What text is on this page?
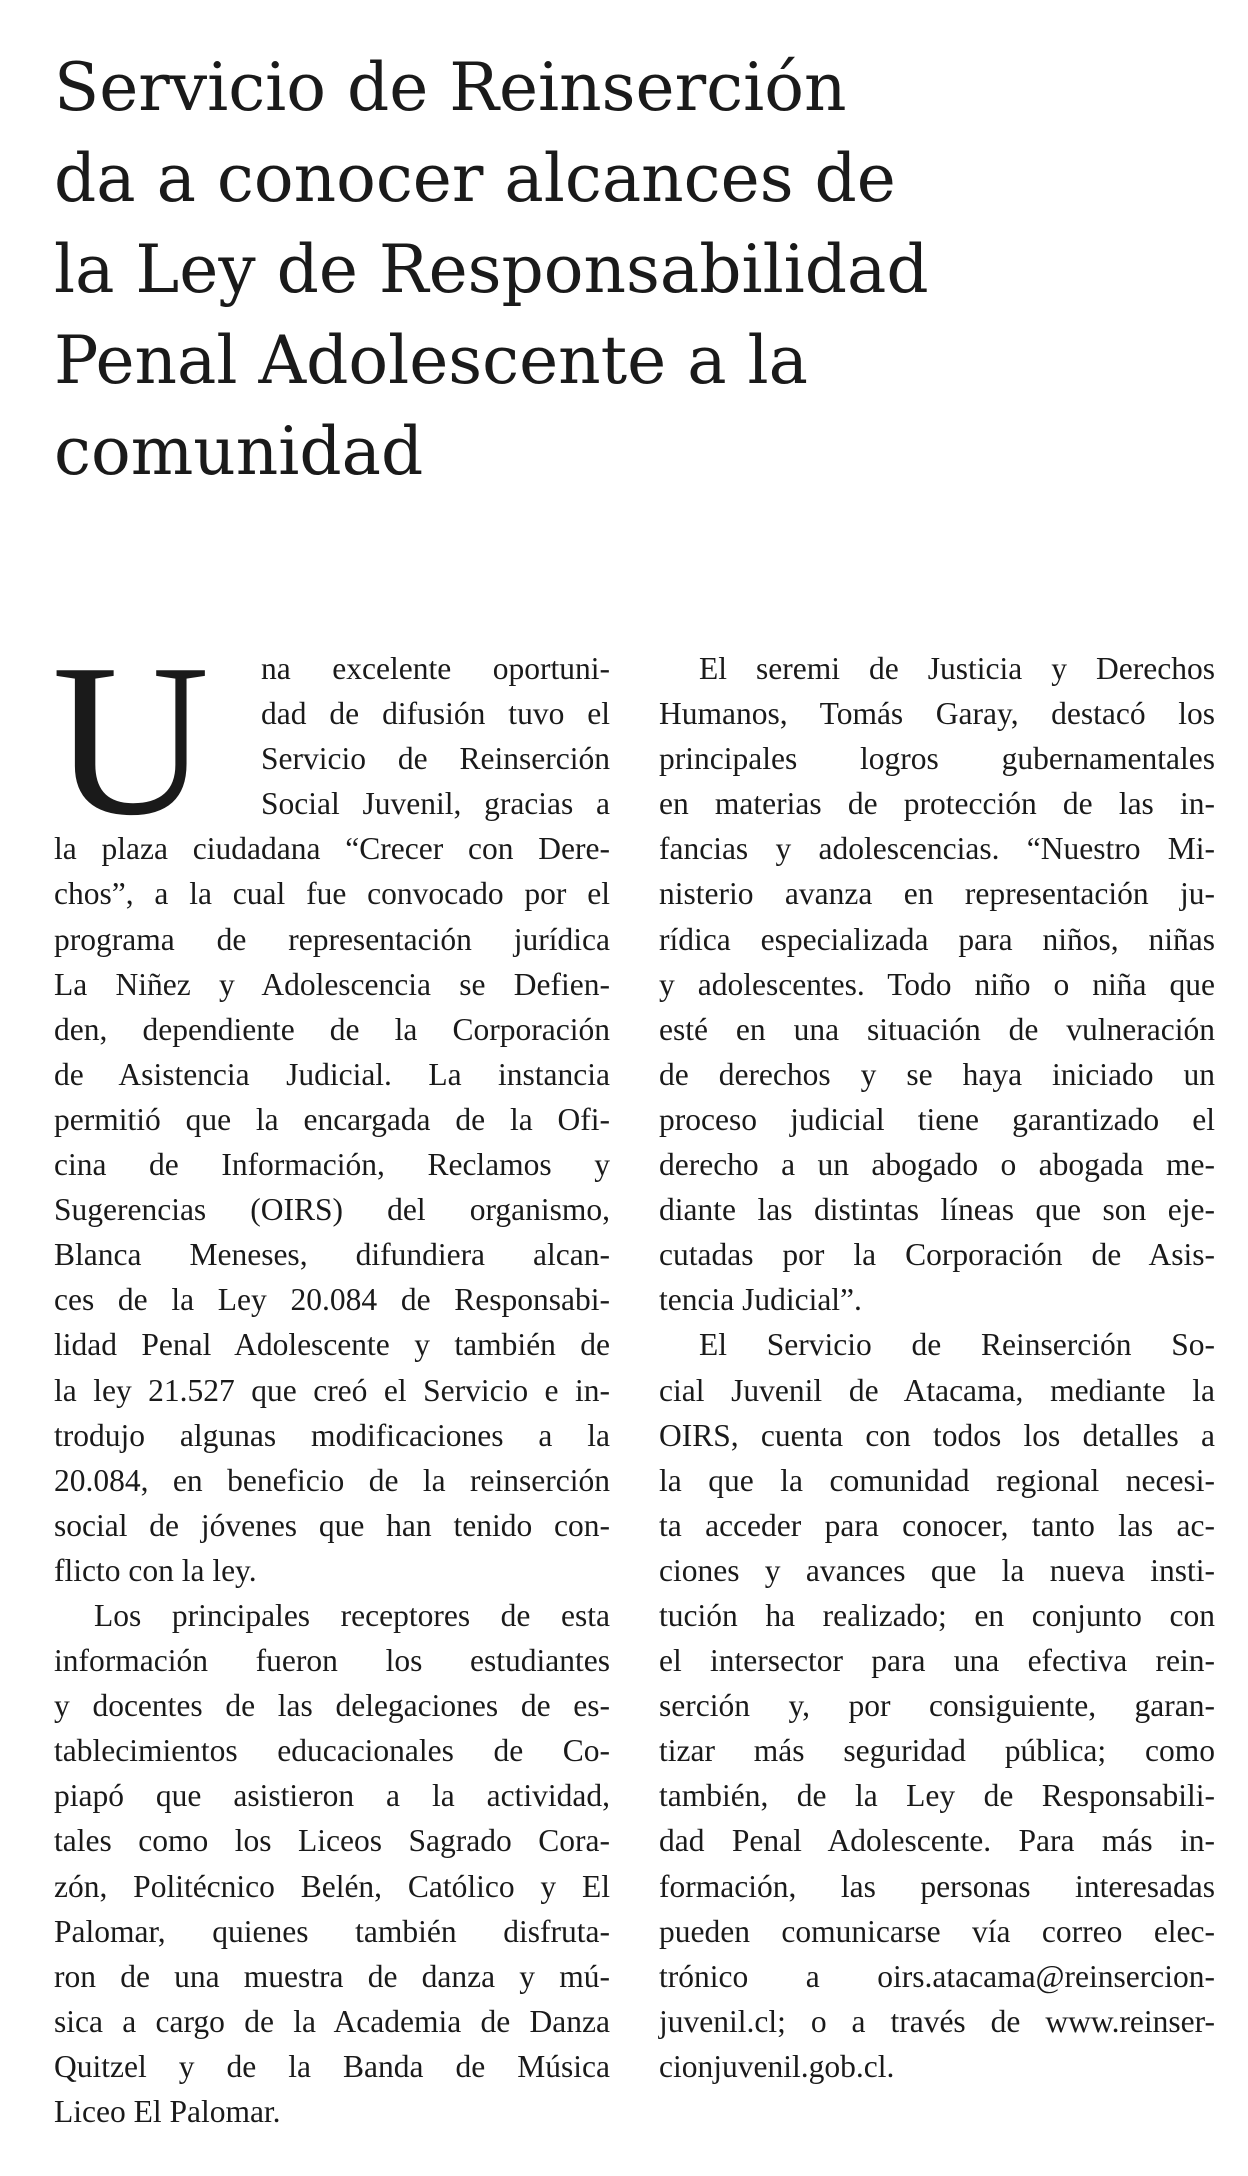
Servicio de Reinserción
da a conocer alcances de
la Ley de Responsabilidad
Penal Adolescente a la
comunidad
U	na excelente oportuni-
dad de difusión tuvo el
Servicio de Reinserción
Social Juvenil, gracias a
la plaza ciudadana “Crecer con Dere-
chos”, a la cual fue convocado por el
programa de representación jurídica
La Niñez y Adolescencia se Defien-
den, dependiente de la Corporación
de Asistencia Judicial. La instancia
permitió que la encargada de la Ofi-
cina de Información, Reclamos y
Sugerencias (OIRS) del organismo,
Blanca Meneses, difundiera alcan-
ces de la Ley 20.084 de Responsabi-
lidad Penal Adolescente y también de
la ley 21.527 que creó el Servicio e in-
trodujo algunas modificaciones a la
20.084, en beneficio de la reinserción
social de jóvenes que han tenido con-
flicto con la ley.

Los principales receptores de esta
información fueron los estudiantes
y docentes de las delegaciones de es-
tablecimientos educacionales de Co-
piapó que asistieron a la actividad,
tales como los Liceos Sagrado Cora-
zón, Politécnico Belén, Católico y El
Palomar, quienes también disfruta-
ron de una muestra de danza y mú-
sica a cargo de la Academia de Danza
Quitzel y de la Banda de Música
Liceo El Palomar.

El seremi de Justicia y Derechos
Humanos, Tomás Garay, destacó los
principales logros gubernamentales
en materias de protección de las in-
fancias y adolescencias. “Nuestro Mi-
nisterio avanza en representación ju-
rídica especializada para niños, niñas
y adolescentes. Todo niño o niña que
esté en una situación de vulneración
de derechos y se haya iniciado un
proceso judicial tiene garantizado el
derecho a un abogado o abogada me-
diante las distintas líneas que son eje-
cutadas por la Corporación de Asis-
tencia Judicial”.

El Servicio de Reinserción So-
cial Juvenil de Atacama, mediante la
OIRS, cuenta con todos los detalles a
la que la comunidad regional necesi-
ta acceder para conocer, tanto las ac-
ciones y avances que la nueva insti-
tución ha realizado; en conjunto con
el intersector para una efectiva rein-
serción y, por consiguiente, garan-
tizar más seguridad pública; como
también, de la Ley de Responsabili-
dad Penal Adolescente. Para más in-
formación, las personas interesadas
pueden comunicarse vía correo elec-
trónico a oirs.atacama@reinsercion-
juvenil.cl; o a través de www.reinser-
cionjuvenil.gob.cl.
